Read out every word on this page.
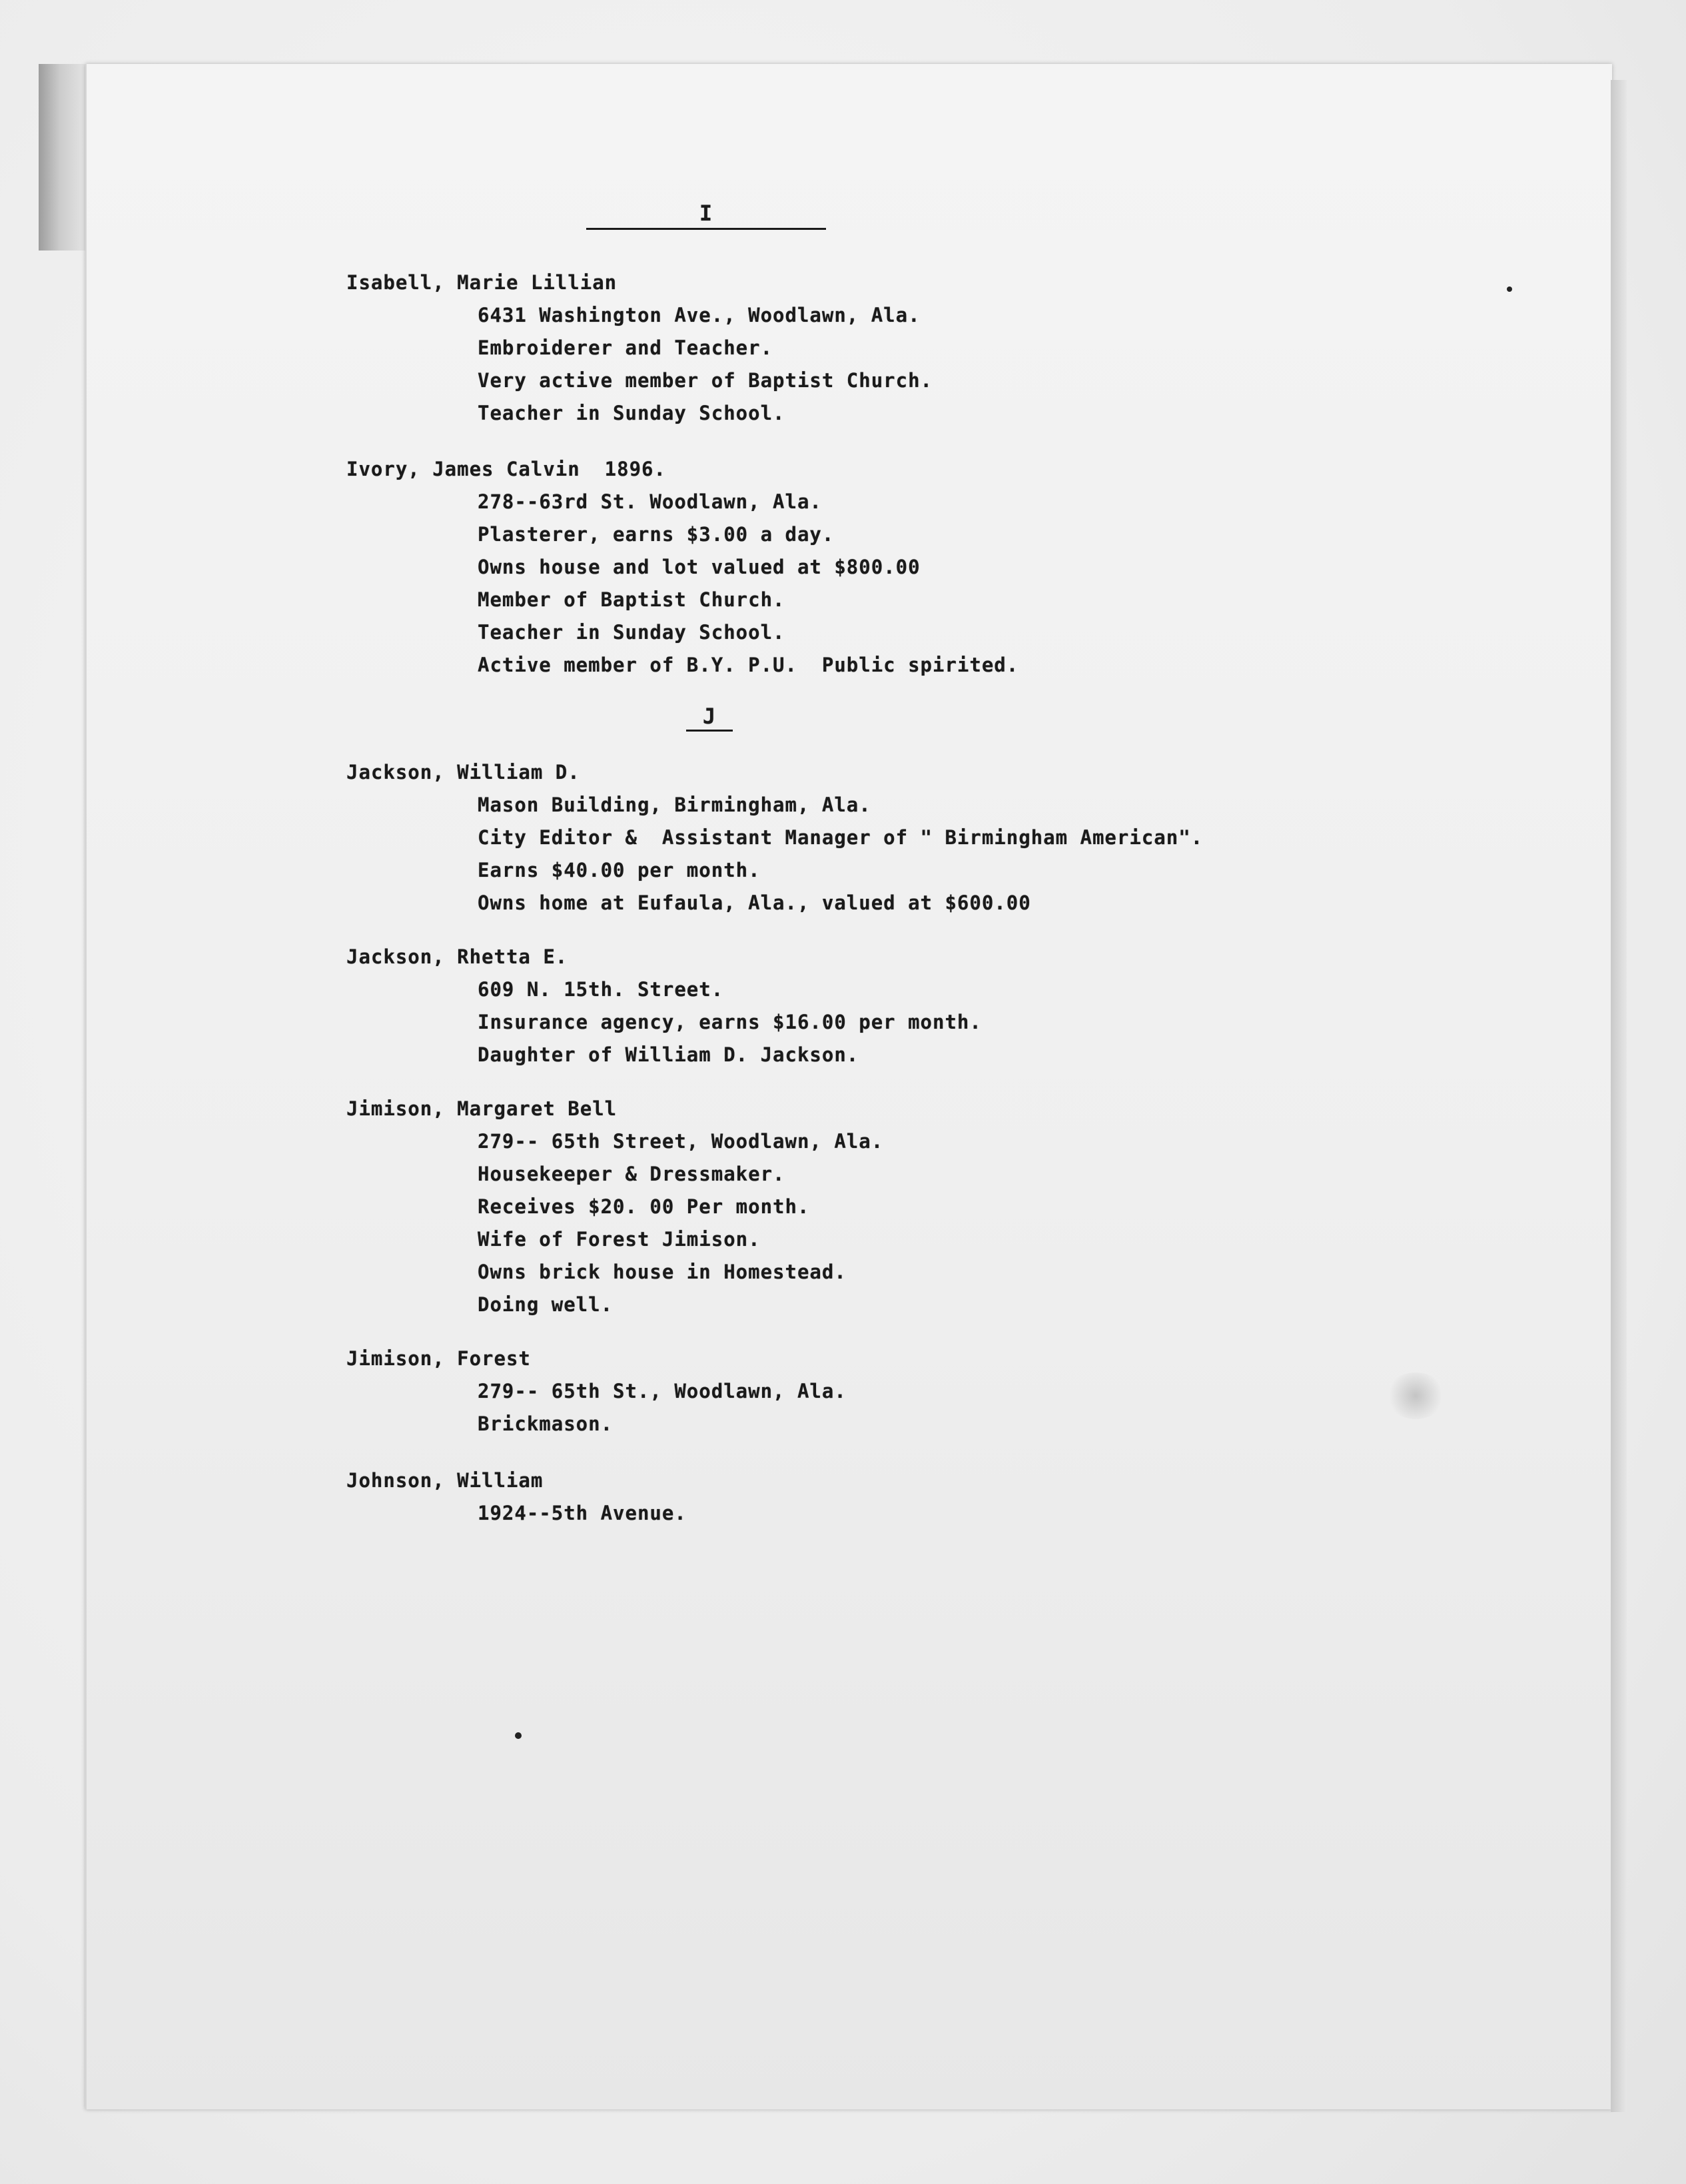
I
Isabell, Marie Lillian
6431 Washington Ave., Woodlawn, Ala.
Embroiderer and Teacher.
Very active member of Baptist Church.
Teacher in Sunday School.
Ivory, James Calvin  1896.
278--63rd St. Woodlawn, Ala.
Plasterer, earns $3.00 a day.
Owns house and lot valued at $800.00
Member of Baptist Church.
Teacher in Sunday School.
Active member of B.Y. P.U.  Public spirited.
J
Jackson, William D.
Mason Building, Birmingham, Ala.
City Editor &  Assistant Manager of " Birmingham American".
Earns $40.00 per month.
Owns home at Eufaula, Ala., valued at $600.00
Jackson, Rhetta E.
609 N. 15th. Street.
Insurance agency, earns $16.00 per month.
Daughter of William D. Jackson.
Jimison, Margaret Bell
279-- 65th Street, Woodlawn, Ala.
Housekeeper & Dressmaker.
Receives $20. 00 Per month.
Wife of Forest Jimison.
Owns brick house in Homestead.
Doing well.
Jimison, Forest
279-- 65th St., Woodlawn, Ala.
Brickmason.
Johnson, William
1924--5th Avenue.
